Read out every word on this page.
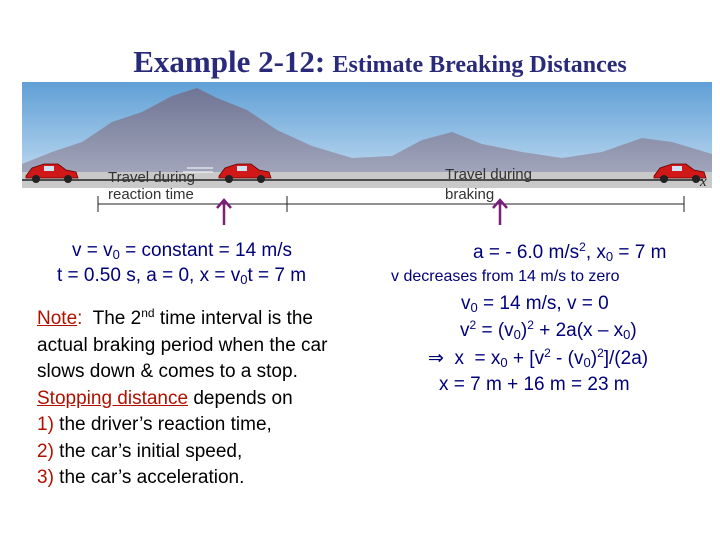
Example 2-12: Estimate Breaking Distances
Travel during
reaction time
Travel during
braking
x
$v = v_0$ = constant = 14 m/s
t = 0.50 s, a = 0, $x = v_0t = 7$ m
Note:  The 2nd time interval is the
actual braking period when the car
slows down & comes to a stop.
Stopping distance depends on
1) the driver’s reaction time,
2) the car’s initial speed,
3) the car’s acceleration.
a = - 6.0 $m/s^2$, $x_0 = 7$ m
v decreases from 14 m/s to zero
$v_0 = 14$ m/s, v = 0
$v^2 = (v_0)^2 + 2a(x - x_0)$
⇒  $x = x_0 + [v^2 - (v_0)^2]/(2a)$
x = 7 m + 16 m = 23 m
